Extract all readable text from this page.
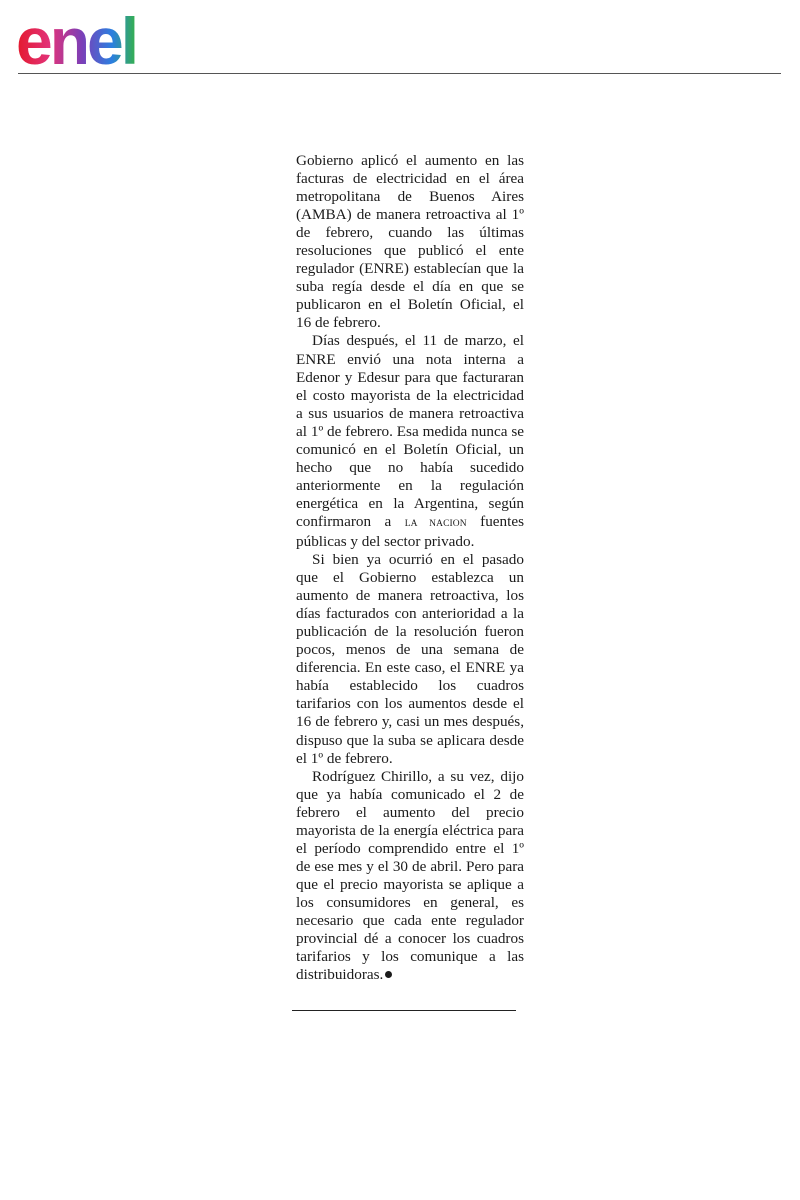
enel

Gobierno aplicó el aumento en las facturas de electricidad en el área metropolitana de Buenos Aires (AMBA) de manera retroactiva al 1º de febrero, cuando las últimas resoluciones que publicó el ente regulador (ENRE) establecían que la suba regía desde el día en que se publicaron en el Boletín Oficial, el 16 de febrero.

Días después, el 11 de marzo, el ENRE envió una nota interna a Edenor y Edesur para que facturaran el costo mayorista de la electricidad a sus usuarios de manera retroactiva al 1º de febrero. Esa medida nunca se comunicó en el Boletín Oficial, un hecho que no había sucedido anteriormente en la regulación energética en la Argentina, según confirmaron a LA NACION fuentes públicas y del sector privado.

Si bien ya ocurrió en el pasado que el Gobierno establezca un aumento de manera retroactiva, los días facturados con anterioridad a la publicación de la resolución fueron pocos, menos de una semana de diferencia. En este caso, el ENRE ya había establecido los cuadros tarifarios con los aumentos desde el 16 de febrero y, casi un mes después, dispuso que la suba se aplicara desde el 1º de febrero.

Rodríguez Chirillo, a su vez, dijo que ya había comunicado el 2 de febrero el aumento del precio mayorista de la energía eléctrica para el período comprendido entre el 1º de ese mes y el 30 de abril. Pero para que el precio mayorista se aplique a los consumidores en general, es necesario que cada ente regulador provincial dé a conocer los cuadros tarifarios y los comunique a las distribuidoras.
